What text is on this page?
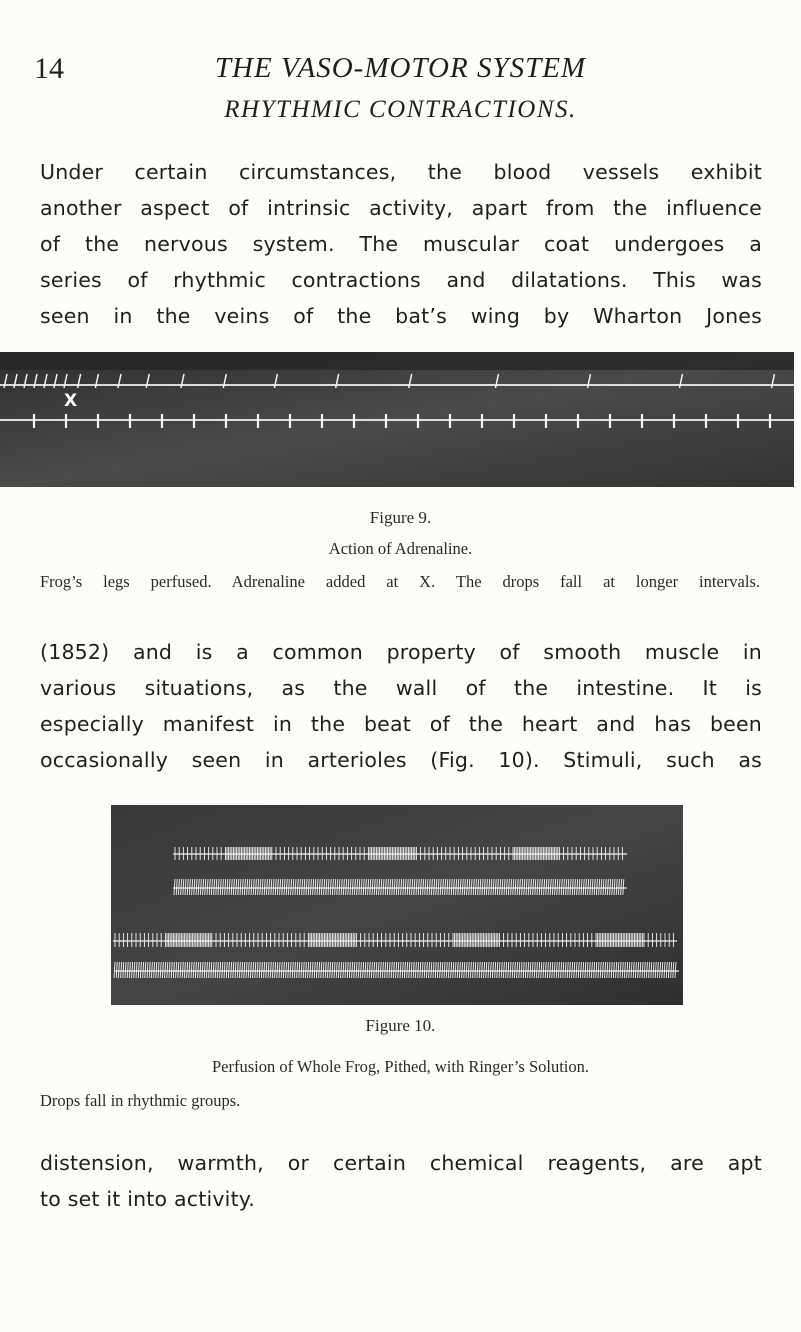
14	THE VASO-MOTOR SYSTEM
RHYTHMIC CONTRACTIONS.
Under certain circumstances, the blood vessels exhibit
another aspect of intrinsic activity, apart from the influence
of the nervous system. The muscular coat undergoes a
series of rhythmic contractions and dilatations. This was
seen in the veins of the bat’s wing by Wharton Jones
X
Figure 9.
Action of Adrenaline.
Frog’s legs perfused. Adrenaline added at X. The drops fall at longer intervals.
(1852) and is a common property of smooth muscle in
various situations, as the wall of the intestine. It is
especially manifest in the beat of the heart and has been
occasionally seen in arterioles (Fig. 10). Stimuli, such as
Figure 10.
Perfusion of Whole Frog, Pithed, with Ringer’s Solution.
Drops fall in rhythmic groups.
distension, warmth, or certain chemical reagents, are apt
to set it into activity.
